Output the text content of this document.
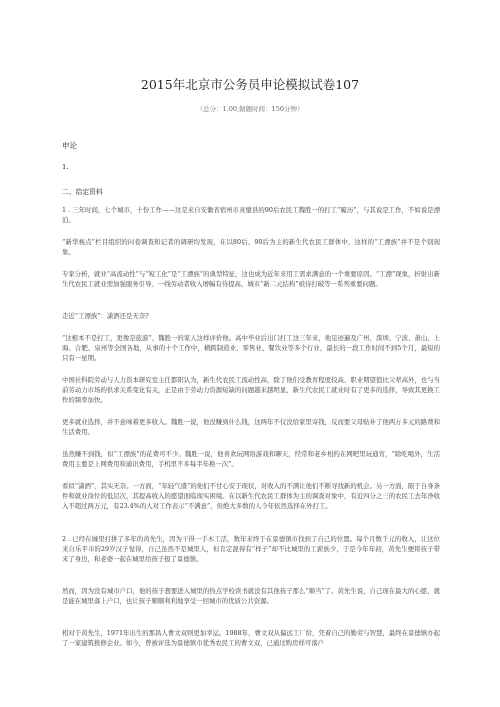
2015年北京市公务员申论模拟试卷107
（总分：1.00,做题时间：150分钟）
申论
1.
二、给定资料
1 . 三年时间，七个城市，十份工作——这是来自安徽省宿州市灵璧县的90后农民工魏胜一的打工“履历”，与其说是工作，不如说是漂泊。
“新华视点”栏目组织的问卷调查和记者的调研均发现，在以80后、90后为主的新生代农民工群体中，这样的“工漂族”并不是个别现象。
专家分析，就业“高流动性”与“短工化”是“工漂族”的典型特征，这也成为近年来用工需求满意的一个重要原因。“工漂”现象，折射出新生代农民工就业需加强服务引导、一线劳动者收入增幅有待提高、城市“新二元结构”亟待打破等一系列重要问题。
走近“工漂族”：潇洒还是无奈?
“这根本不是打工，更像是旅游”，魏胜一的家人这样评价他。高中毕业后出门打工这三年来，他足迹遍及广州、深圳、宁波、萧山、上海、合肥、泉州等全国各地，从事的十个工作中，横跨制造业、零售业、餐饮业等多个行业，最长的一段工作时间不到5个月，最短的只有一星期。
中国社科院劳动与人力资本研究室主任都阳认为，新生代农民工流动性高，除了他们受教育程度较高、职业期望值比父辈高外，也与当前劳动力市场的供求关系变化有关，正是由于劳动力资源短缺的问题越来越明显，新生代农民工就业时有了更多的选择，导致其更换工作的频率加快。
更多就业选择，并不意味着更多收入。魏胜一说，他没赚到什么钱，这两年不仅没给家里寄钱，反而要父母贴补了他两万多元的路费和生活费用。
虽然赚不到钱，但“工漂族”的花费可不少。魏胜一说，他喜欢玩网络游戏和聊天，经常和老乡相约在网吧里玩通宵，“除吃喝外，生活费用主要是上网费用和通讯费用，手机里不多每半年换一次”。
看似“潇洒”，其实无奈。一方面，“年轻气盛”的他们不甘心安于现状，对收入的不满让他们不断寻找新的机会。另一方面，限于自身条件和就业岗位的低层次，其提高收入的愿望面临现实困境。在以新生代农民工群体为主的调查对象中，有近四分之三的农民工去年净收入不超过两万元，有23.4%的人对工作表示“不满意”，但绝大多数的人今年依然选择在外打工。
2 . 已经在城里打拼了多年的黄先生，因为干得一手木工活，数年来终于在景德镇市找到了自己的位置。每个月数千元的收入，让这位来自乐平市的29岁汉子觉得，自己虽然不是城里人，但肯定混得有“样子”却不比城里的工薪族少，于是今年年初，黄先生便将孩子带来了身边，和老婆一起在城里给孩子报了景德镇。
然而，因为没有城市户口，他的孩子想要进入城里的热点学校读书就没有其他孩子那么“顺当”了。黄先生说，自己现在最大的心愿，就是能在城里落上户口，也让孩子顺顺利利地享受一回城市的优质公共资源。
相对于黄先生，1971年出生的那昌人曹文双则更加幸运。1988年，曹文双从偏远工厂给，凭着自己的勤劳与智慧，最终在景德镇办起了一家建筑推修企业。如今，曾被评选为景德镇市优秀农民工的曹文双，已通过购房样可落户
